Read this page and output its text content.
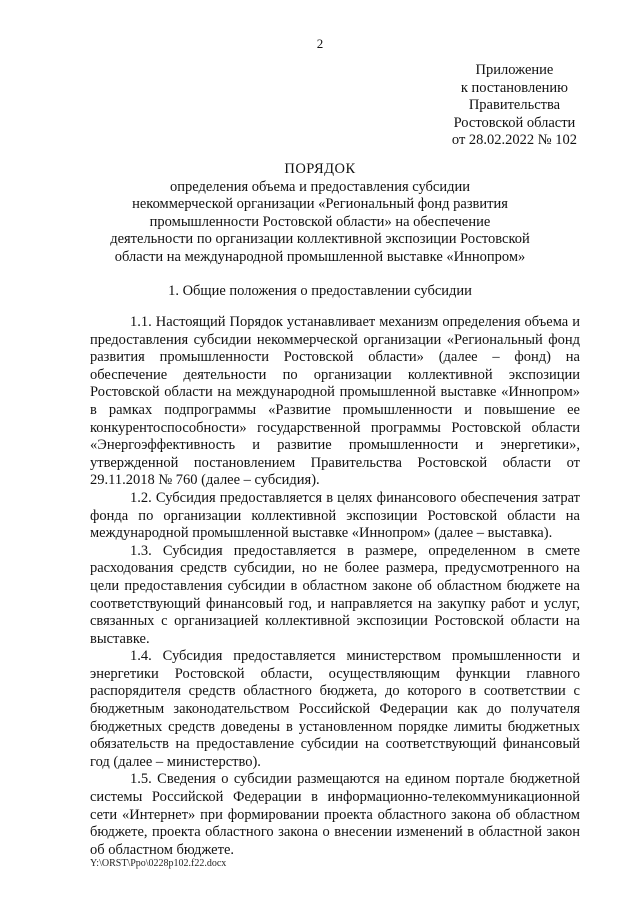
2
Приложение
к постановлению
Правительства
Ростовской области
от 28.02.2022 № 102
ПОРЯДОК
определения объема и предоставления субсидии
некоммерческой организации «Региональный фонд развития
промышленности Ростовской области» на обеспечение
деятельности по организации коллективной экспозиции Ростовской
области на международной промышленной выставке «Иннопром»
1. Общие положения о предоставлении субсидии

1.1. Настоящий Порядок устанавливает механизм определения объема и предоставления субсидии некоммерческой организации «Региональный фонд развития промышленности Ростовской области» (далее – фонд) на обеспечение деятельности по организации коллективной экспозиции Ростовской области на международной промышленной выставке «Иннопром» в рамках подпрограммы «Развитие промышленности и повышение ее конкурентоспособности» государственной программы Ростовской области «Энергоэффективность и развитие промышленности и энергетики», утвержденной постановлением Правительства Ростовской области от 29.11.2018 № 760 (далее – субсидия).

1.2. Субсидия предоставляется в целях финансового обеспечения затрат фонда по организации коллективной экспозиции Ростовской области на международной промышленной выставке «Иннопром» (далее – выставка).

1.3. Субсидия предоставляется в размере, определенном в смете расходования средств субсидии, но не более размера, предусмотренного на цели предоставления субсидии в областном законе об областном бюджете на соответствующий финансовый год, и направляется на закупку работ и услуг, связанных с организацией коллективной экспозиции Ростовской области на выставке.

1.4. Субсидия предоставляется министерством промышленности и энергетики Ростовской области, осуществляющим функции главного распорядителя средств областного бюджета, до которого в соответствии с бюджетным законодательством Российской Федерации как до получателя бюджетных средств доведены в установленном порядке лимиты бюджетных обязательств на предоставление субсидии на соответствующий финансовый год (далее – министерство).

1.5. Сведения о субсидии размещаются на едином портале бюджетной системы Российской Федерации в информационно-телекоммуникационной сети «Интернет» при формировании проекта областного закона об областном бюджете, проекта областного закона о внесении изменений в областной закон об областном бюджете.

Y:\ORST\Ppo\0228p102.f22.docx
